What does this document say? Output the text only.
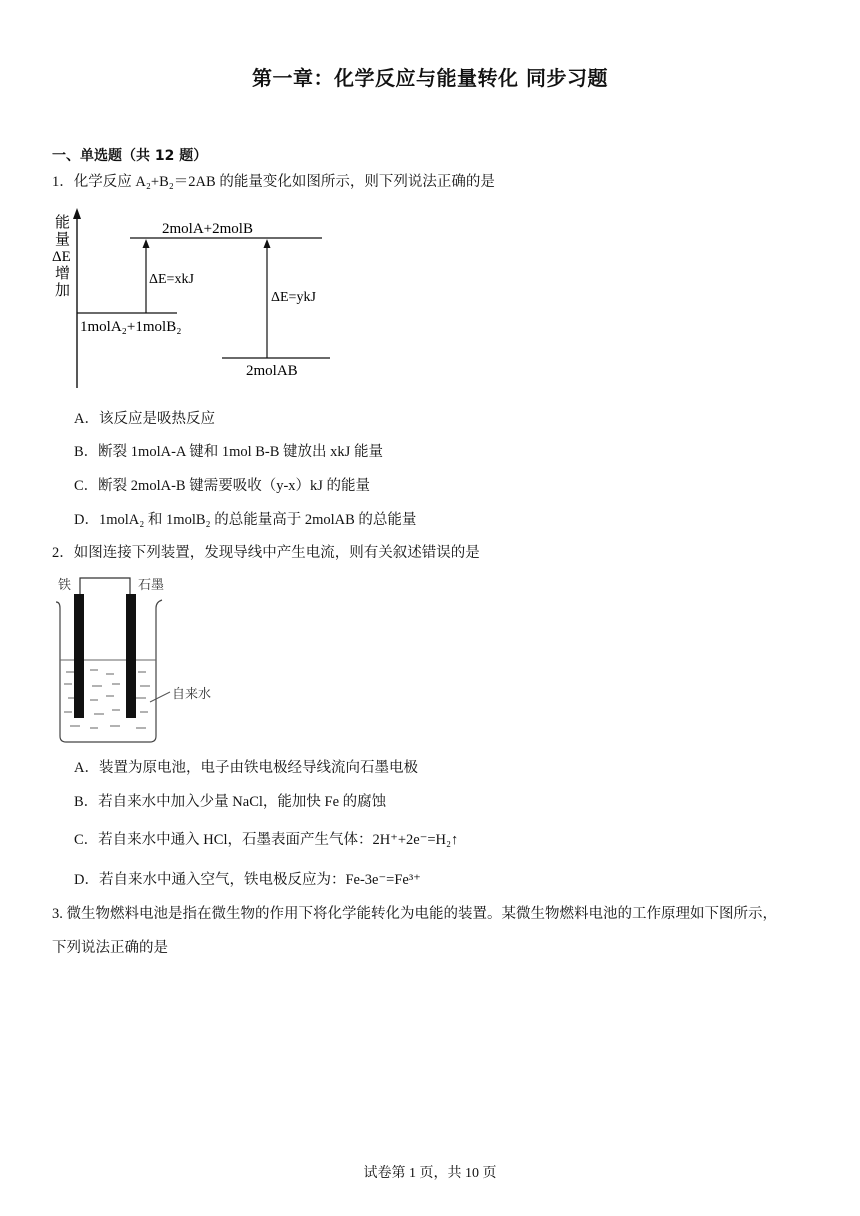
第一章：化学反应与能量转化 同步习题
一、单选题（共 12 题）
1．化学反应 A₂+B₂＝2AB 的能量变化如图所示，则下列说法正确的是
能
量
ΔE
增
加
2molA+2molB
1molA₂+1molB₂
2molAB
ΔE=xkJ
ΔE=ykJ
A．该反应是吸热反应
B．断裂 1molA-A 键和 1mol B-B 键放出 xkJ 能量
C．断裂 2molA-B 键需要吸收（y-x）kJ 的能量
D．1molA₂ 和 1molB₂ 的总能量高于 2molAB 的总能量
2．如图连接下列装置，发现导线中产生电流，则有关叙述错误的是
铁	石墨
自来水
A．装置为原电池，电子由铁电极经导线流向石墨电极
B．若自来水中加入少量 NaCl，能加快 Fe 的腐蚀
C．若自来水中通入 HCl，石墨表面产生气体：2H⁺+2e⁻=H₂↑
D．若自来水中通入空气，铁电极反应为：Fe-3e⁻=Fe³⁺
3. 微生物燃料电池是指在微生物的作用下将化学能转化为电能的装置。某微生物燃料电池的工作原理如下图所示，
下列说法正确的是
试卷第 1 页，共 10 页
